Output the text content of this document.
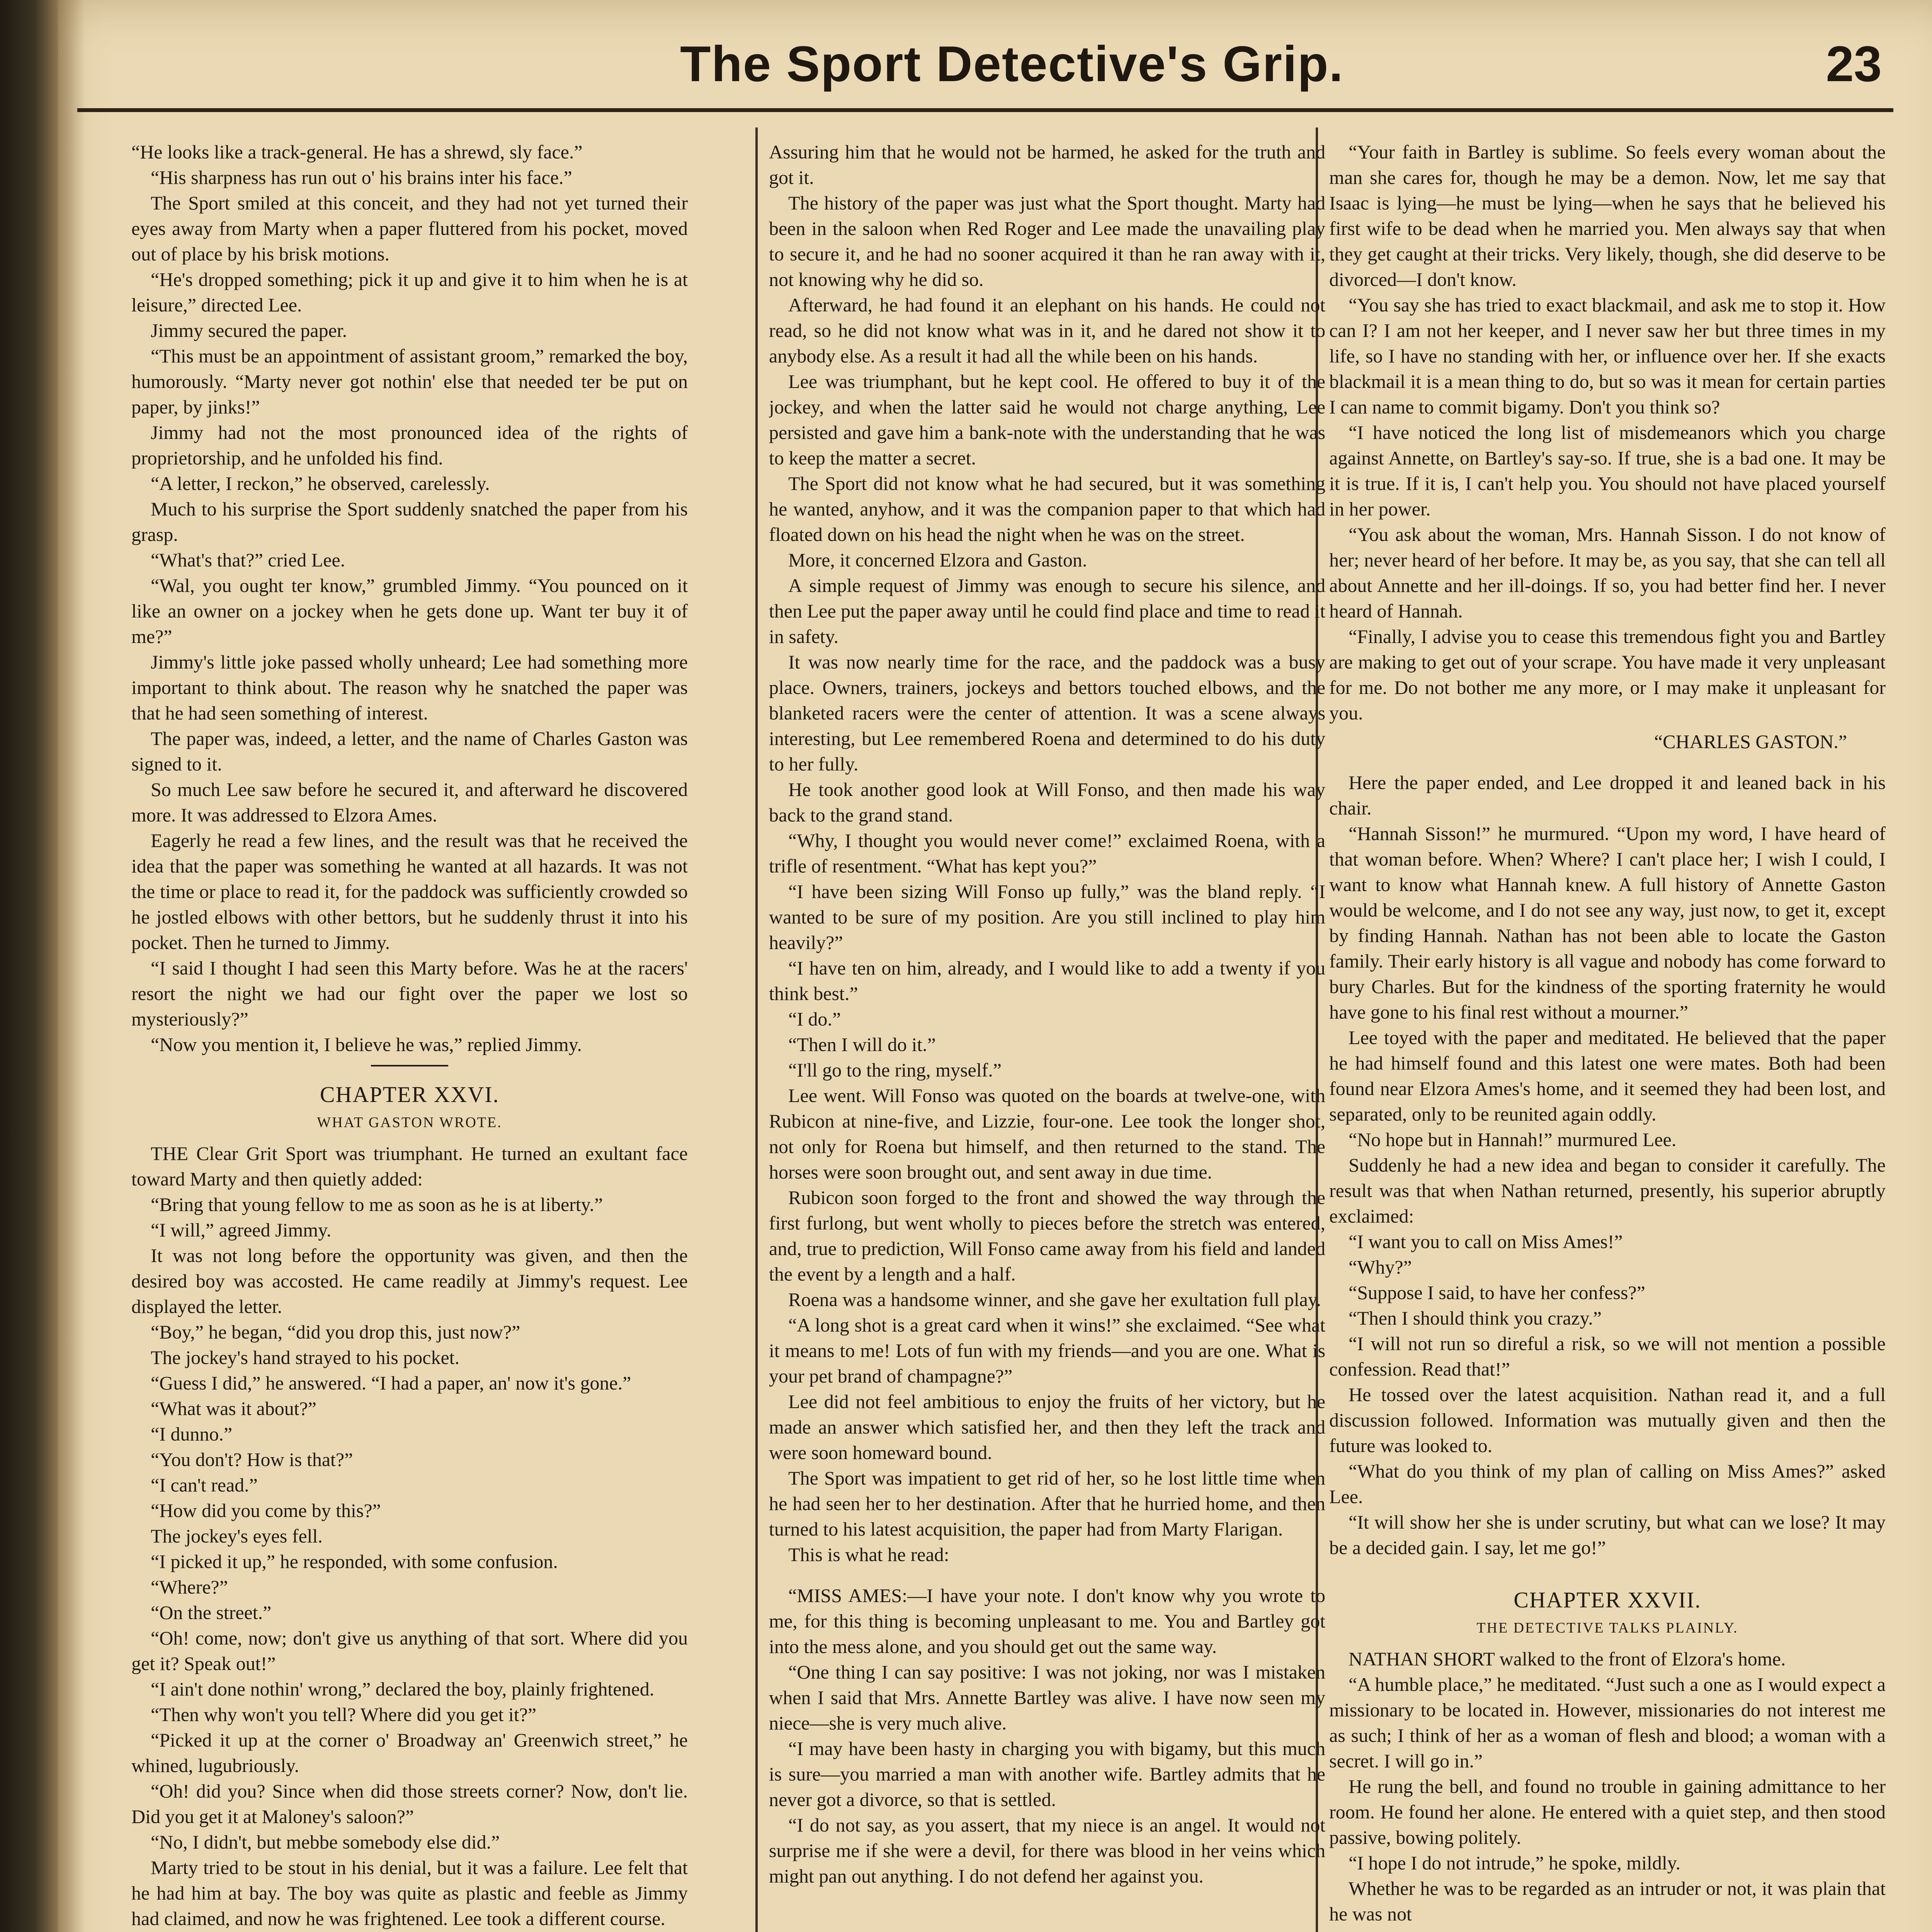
The Sport Detective's Grip.	23

“He looks like a track-general. He has a shrewd, sly face.”

“His sharpness has run out o' his brains inter his face.”

The Sport smiled at this conceit, and they had not yet turned their eyes away from Marty when a paper fluttered from his pocket, moved out of place by his brisk motions.

“He's dropped something; pick it up and give it to him when he is at leisure,” directed Lee.

Jimmy secured the paper.

“This must be an appointment of assistant groom,” remarked the boy, humorously. “Marty never got nothin' else that needed ter be put on paper, by jinks!”

Jimmy had not the most pronounced idea of the rights of proprietorship, and he unfolded his find.

“A letter, I reckon,” he observed, carelessly.

Much to his surprise the Sport suddenly snatched the paper from his grasp.

“What's that?” cried Lee.

“Wal, you ought ter know,” grumbled Jimmy. “You pounced on it like an owner on a jockey when he gets done up. Want ter buy it of me?”

Jimmy's little joke passed wholly unheard; Lee had something more important to think about. The reason why he snatched the paper was that he had seen something of interest.

The paper was, indeed, a letter, and the name of Charles Gaston was signed to it.

So much Lee saw before he secured it, and afterward he discovered more. It was addressed to Elzora Ames.

Eagerly he read a few lines, and the result was that he received the idea that the paper was something he wanted at all hazards. It was not the time or place to read it, for the paddock was sufficiently crowded so he jostled elbows with other bettors, but he suddenly thrust it into his pocket. Then he turned to Jimmy.

“I said I thought I had seen this Marty before. Was he at the racers' resort the night we had our fight over the paper we lost so mysteriously?”

“Now you mention it, I believe he was,” replied Jimmy.

CHAPTER XXVI.
WHAT GASTON WROTE.

THE Clear Grit Sport was triumphant. He turned an exultant face toward Marty and then quietly added:

“Bring that young fellow to me as soon as he is at liberty.”

“I will,” agreed Jimmy.

It was not long before the opportunity was given, and then the desired boy was accosted. He came readily at Jimmy's request. Lee displayed the letter.

“Boy,” he began, “did you drop this, just now?”

The jockey's hand strayed to his pocket.

“Guess I did,” he answered. “I had a paper, an' now it's gone.”

“What was it about?”

“I dunno.”

“You don't? How is that?”

“I can't read.”

“How did you come by this?”

The jockey's eyes fell.

“I picked it up,” he responded, with some confusion.

“Where?”

“On the street.”

“Oh! come, now; don't give us anything of that sort. Where did you get it? Speak out!”

“I ain't done nothin' wrong,” declared the boy, plainly frightened.

“Then why won't you tell? Where did you get it?”

“Picked it up at the corner o' Broadway an' Greenwich street,” he whined, lugubriously.

“Oh! did you? Since when did those streets corner? Now, don't lie. Did you get it at Maloney's saloon?”

“No, I didn't, but mebbe somebody else did.”

Marty tried to be stout in his denial, but it was a failure. Lee felt that he had him at bay. The boy was quite as plastic and feeble as Jimmy had claimed, and now he was frightened. Lee took a different course.

Assuring him that he would not be harmed, he asked for the truth and got it.

The history of the paper was just what the Sport thought. Marty had been in the saloon when Red Roger and Lee made the unavailing play to secure it, and he had no sooner acquired it than he ran away with it, not knowing why he did so.

Afterward, he had found it an elephant on his hands. He could not read, so he did not know what was in it, and he dared not show it to anybody else. As a result it had all the while been on his hands.

Lee was triumphant, but he kept cool. He offered to buy it of the jockey, and when the latter said he would not charge anything, Lee persisted and gave him a bank-note with the understanding that he was to keep the matter a secret.

The Sport did not know what he had secured, but it was something he wanted, anyhow, and it was the companion paper to that which had floated down on his head the night when he was on the street.

More, it concerned Elzora and Gaston.

A simple request of Jimmy was enough to secure his silence, and then Lee put the paper away until he could find place and time to read it in safety.

It was now nearly time for the race, and the paddock was a busy place. Owners, trainers, jockeys and bettors touched elbows, and the blanketed racers were the center of attention. It was a scene always interesting, but Lee remembered Roena and determined to do his duty to her fully.

He took another good look at Will Fonso, and then made his way back to the grand stand.

“Why, I thought you would never come!” exclaimed Roena, with a trifle of resentment. “What has kept you?”

“I have been sizing Will Fonso up fully,” was the bland reply. “I wanted to be sure of my position. Are you still inclined to play him heavily?”

“I have ten on him, already, and I would like to add a twenty if you think best.”

“I do.”

“Then I will do it.”

“I'll go to the ring, myself.”

Lee went. Will Fonso was quoted on the boards at twelve-one, with Rubicon at nine-five, and Lizzie, four-one. Lee took the longer shot, not only for Roena but himself, and then returned to the stand. The horses were soon brought out, and sent away in due time.

Rubicon soon forged to the front and showed the way through the first furlong, but went wholly to pieces before the stretch was entered, and, true to prediction, Will Fonso came away from his field and landed the event by a length and a half.

Roena was a handsome winner, and she gave her exultation full play.

“A long shot is a great card when it wins!” she exclaimed. “See what it means to me! Lots of fun with my friends—and you are one. What is your pet brand of champagne?”

Lee did not feel ambitious to enjoy the fruits of her victory, but he made an answer which satisfied her, and then they left the track and were soon homeward bound.

The Sport was impatient to get rid of her, so he lost little time when he had seen her to her destination. After that he hurried home, and then turned to his latest acquisition, the paper had from Marty Flarigan.

This is what he read:

“MISS AMES:—I have your note. I don't know why you wrote to me, for this thing is becoming unpleasant to me. You and Bartley got into the mess alone, and you should get out the same way.

“One thing I can say positive: I was not joking, nor was I mistaken when I said that Mrs. Annette Bartley was alive. I have now seen my niece—she is very much alive.

“I may have been hasty in charging you with bigamy, but this much is sure—you married a man with another wife. Bartley admits that he never got a divorce, so that is settled.

“I do not say, as you assert, that my niece is an angel. It would not surprise me if she were a devil, for there was blood in her veins which might pan out anything. I do not defend her against you.

“Your faith in Bartley is sublime. So feels every woman about the man she cares for, though he may be a demon. Now, let me say that Isaac is lying—he must be lying—when he says that he believed his first wife to be dead when he married you. Men always say that when they get caught at their tricks. Very likely, though, she did deserve to be divorced—I don't know.

“You say she has tried to exact blackmail, and ask me to stop it. How can I? I am not her keeper, and I never saw her but three times in my life, so I have no standing with her, or influence over her. If she exacts blackmail it is a mean thing to do, but so was it mean for certain parties I can name to commit bigamy. Don't you think so?

“I have noticed the long list of misdemeanors which you charge against Annette, on Bartley's say-so. If true, she is a bad one. It may be it is true. If it is, I can't help you. You should not have placed yourself in her power.

“You ask about the woman, Mrs. Hannah Sisson. I do not know of her; never heard of her before. It may be, as you say, that she can tell all about Annette and her ill-doings. If so, you had better find her. I never heard of Hannah.

“Finally, I advise you to cease this tremendous fight you and Bartley are making to get out of your scrape. You have made it very unpleasant for me. Do not bother me any more, or I may make it unpleasant for you.

“CHARLES GASTON.”

Here the paper ended, and Lee dropped it and leaned back in his chair.

“Hannah Sisson!” he murmured. “Upon my word, I have heard of that woman before. When? Where? I can't place her; I wish I could, I want to know what Hannah knew. A full history of Annette Gaston would be welcome, and I do not see any way, just now, to get it, except by finding Hannah. Nathan has not been able to locate the Gaston family. Their early history is all vague and nobody has come forward to bury Charles. But for the kindness of the sporting fraternity he would have gone to his final rest without a mourner.”

Lee toyed with the paper and meditated. He believed that the paper he had himself found and this latest one were mates. Both had been found near Elzora Ames's home, and it seemed they had been lost, and separated, only to be reunited again oddly.

“No hope but in Hannah!” murmured Lee.

Suddenly he had a new idea and began to consider it carefully. The result was that when Nathan returned, presently, his superior abruptly exclaimed:

“I want you to call on Miss Ames!”

“Why?”

“Suppose I said, to have her confess?”

“Then I should think you crazy.”

“I will not run so direful a risk, so we will not mention a possible confession. Read that!”

He tossed over the latest acquisition. Nathan read it, and a full discussion followed. Information was mutually given and then the future was looked to.

“What do you think of my plan of calling on Miss Ames?” asked Lee.

“It will show her she is under scrutiny, but what can we lose? It may be a decided gain. I say, let me go!”

CHAPTER XXVII.
THE DETECTIVE TALKS PLAINLY.

NATHAN SHORT walked to the front of Elzora's home.

“A humble place,” he meditated. “Just such a one as I would expect a missionary to be located in. However, missionaries do not interest me as such; I think of her as a woman of flesh and blood; a woman with a secret. I will go in.”

He rung the bell, and found no trouble in gaining admittance to her room. He found her alone. He entered with a quiet step, and then stood passive, bowing politely.

“I hope I do not intrude,” he spoke, mildly.

Whether he was to be regarded as an intruder or not, it was plain that he was not
